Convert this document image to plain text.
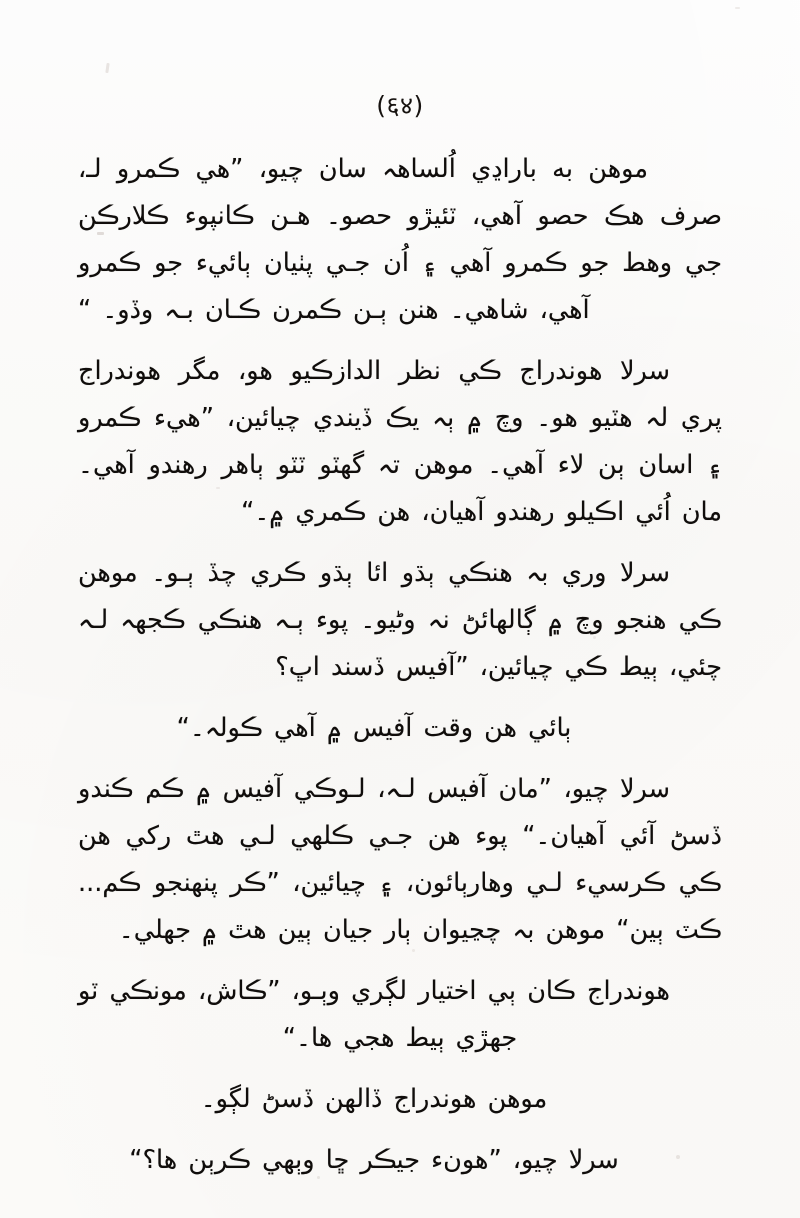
(६४)

موهن به باراڍي اُلساهہ سان چيو، ”هي ڪمرو لـ، صرف هڪ حصو آهي، ٽئيڙو حصو۔ هـن ڪانپوء ڪلارڪن جي وهط جو ڪمرو آهي ۽ اُن جـي پٺيان ٻائيء جو ڪمرو آهي، شاهي۔ هنن ٻـن ڪمرن ڪـان بـہ وڏو۔ “

سرلا هوندراج ڪي نظر الدازڪيو هو، مگر هوندراج پري لہ هٽيو هو۔ وچ ۾ ٻہ يڪ ڏيندي چيائين، ”هيء ڪمرو ۽ اسان ٻن لاء آهي۔ موهن تہ گهٽو ٽٽو ٻاهر رهندو آهي۔ مان اُئي اڪيلو رهندو آهيان، هن ڪمري ۾۔“

سرلا وري بہ هنڪي ٻڌو ائا ٻڌو ڪري چڏ ٻـو۔ موهن ڪي هنجو وچ ۾ ڳالهائڻ نہ وڻيو۔ پوء ٻـہ هنڪي ڪجهہ لـہ چئي، ٻيط ڪي چيائين، ”آفيس ڏسند اڀ؟

ٻائي هن وقت آفيس ۾ آهي ڪولہ۔“

سرلا چيو، ”مان آفيس لـہ، لـوڪي آفيس ۾ ڪم ڪندو ڏسڻ آئي آهيان۔“ پوء هن جـي ڪلهي لـي هٿ رکي هن ڪي ڪرسيء لـي وهارٻائون، ۽ چيائين، ”ڪر پنهنجو ڪم... ڪٽ ٻين“ موهن بہ چڃيوان ٻار جيان ٻين هٿ ۾ جهلي۔

هوندراج ڪان ٻي اختيار لڳري وٻـو، ”ڪاش، مونڪي ٽو جهڙي ٻيط هجي ها۔“

موهن هوندراج ڏالهن ڏسڻ لڳو۔

سرلا چيو، ”هونء جيڪر ڇا وٻهي ڪرٻن ها؟“
